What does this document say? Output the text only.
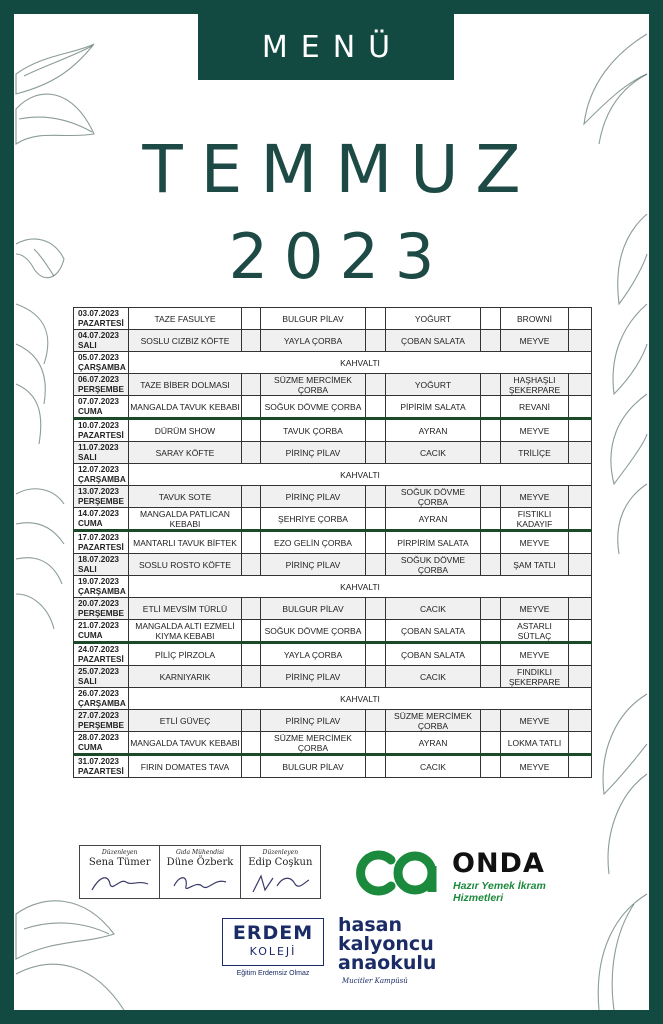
MENÜ
TEMMUZ
2023
03.07.2023
PAZARTESİ	TAZE FASULYE		BULGUR PİLAV		YOĞURT		BROWNİ	
04.07.2023
SALI	SOSLU CIZBIZ KÖFTE		YAYLA ÇORBA		ÇOBAN SALATA		MEYVE	
05.07.2023
ÇARŞAMBA	KAHVALTI							
06.07.2023
PERŞEMBE	TAZE BİBER DOLMASI		SÜZME MERCİMEK ÇORBA		YOĞURT		HAŞHAŞLI ŞEKERPARE	
07.07.2023
CUMA	MANGALDA TAVUK KEBABI		SOĞUK DÖVME ÇORBA		PİPİRİM SALATA		REVANİ	
10.07.2023
PAZARTESİ	DÜRÜM SHOW		TAVUK ÇORBA		AYRAN		MEYVE	
11.07.2023
SALI	SARAY KÖFTE		PİRİNÇ PİLAV		CACIK		TRİLİÇE	
12.07.2023
ÇARŞAMBA	KAHVALTI							
13.07.2023
PERŞEMBE	TAVUK SOTE		PİRİNÇ PİLAV		SOĞUK DÖVME ÇORBA		MEYVE	
14.07.2023
CUMA	MANGALDA PATLICAN KEBABI		ŞEHRİYE ÇORBA		AYRAN		FISTIKLI KADAYIF	
17.07.2023
PAZARTESİ	MANTARLI TAVUK BİFTEK		EZO GELİN ÇORBA		PİRPİRİM SALATA		MEYVE	
18.07.2023
SALI	SOSLU ROSTO KÖFTE		PİRİNÇ PİLAV		SOĞUK DÖVME ÇORBA		ŞAM TATLI	
19.07.2023
ÇARŞAMBA	KAHVALTI							
20.07.2023
PERŞEMBE	ETLİ MEVSİM TÜRLÜ		BULGUR PİLAV		CACIK		MEYVE	
21.07.2023
CUMA	MANGALDA ALTI EZMELİ KIYMA KEBABI		SOĞUK DÖVME ÇORBA		ÇOBAN SALATA		ASTARLI SÜTLAÇ	
24.07.2023
PAZARTESİ	PİLİÇ PİRZOLA		YAYLA ÇORBA		ÇOBAN SALATA		MEYVE	
25.07.2023
SALI	KARNIYARIK		PİRİNÇ PİLAV		CACIK		FINDIKLI ŞEKERPARE	
26.07.2023
ÇARŞAMBA	KAHVALTI							
27.07.2023
PERŞEMBE	ETLİ GÜVEÇ		PİRİNÇ PİLAV		SÜZME MERCİMEK ÇORBA		MEYVE	
28.07.2023
CUMA	MANGALDA TAVUK KEBABI		SÜZME MERCİMEK ÇORBA		AYRAN		LOKMA TATLI	
31.07.2023
PAZARTESİ	FIRIN DOMATES TAVA		BULGUR PİLAV		CACIK		MEYVE	
Düzenleyen
Sena Tümer
Gıda Mühendisi
Düne Özberk
Düzenleyen
Edip Coşkun	ONDA
Hazır Yemek İkram Hizmetleri
ERDEM
KOLEJİ
Eğitim Erdemsiz Olmaz
hasan
kalyoncu
anaokulu
Mucitler Kampüsü
